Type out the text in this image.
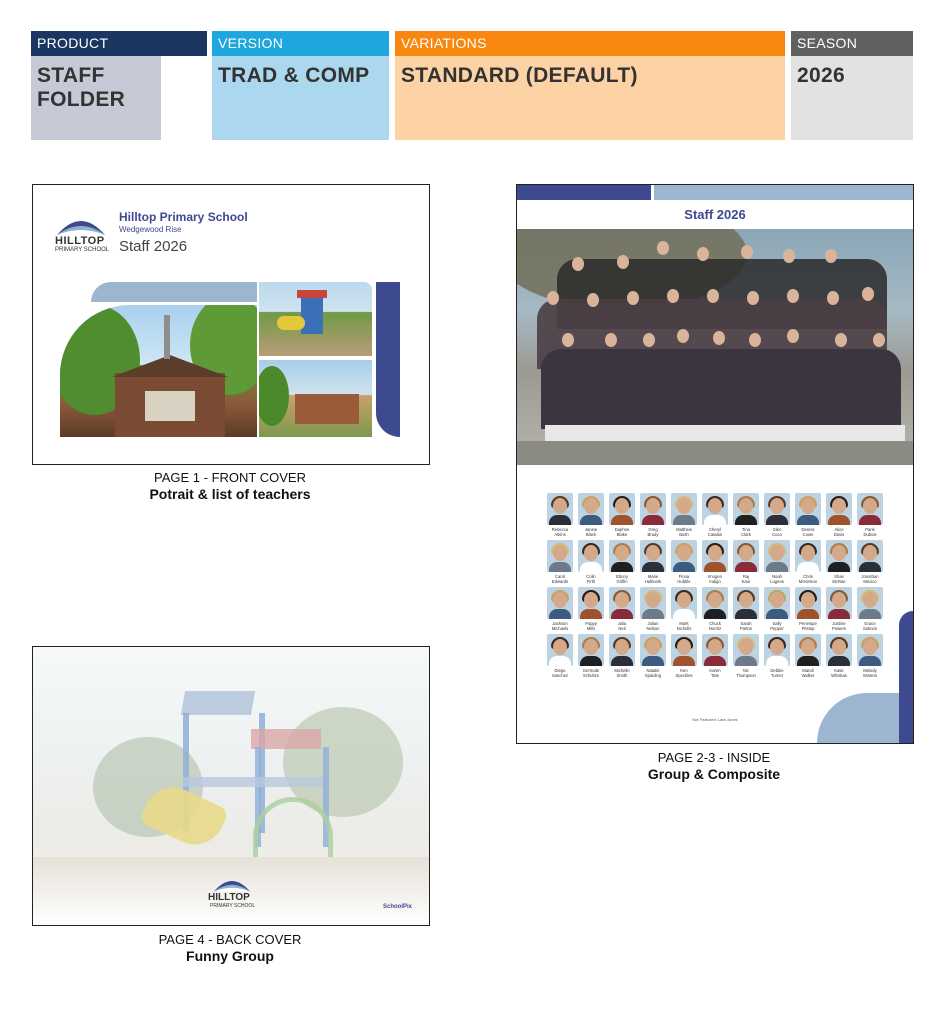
PRODUCT
STAFF FOLDER
VERSION
TRAD & COMP
VARIATIONS
STANDARD (DEFAULT)
SEASON
2026
HILLTOP
PRIMARY SCHOOL
Hilltop Primary School
Wedgewood Rise
Staff 2026
PAGE 1 - FRONT COVER
Potrait & list of teachers
Staff 2026
Rebecca
Atkins
Janine
Black
Daphne
Blake
Greg
Brady
Matthew
Bush
Cheryl
Catalan
Tina
Clark
Glen
Coco
Dennis
Cown
Alice
Davis
Paris
Dubois
Carol
Edwards
Colin
Firth
Ebony
Griffin
Marie
Hallmark
Fiona
Hubble
Imogen
Indigo
Raj
Kaur
Noah
Lugens
Chris
McKelson
Shae
McRae
Jonathan
Mexico
Jackson
Michaels
Poppy
Mills
Julia
Neil
Julian
Nelson
Mark
Nicholls
Chuck
Norritz
Sarah
Parton
Sally
Pepper
Penelope
Pitstop
Justine
Powers
Grace
Salmon
Diego
Sanchez
Gertrude
Schultze
Michelle
Smith
Natalie
Spalding
Ken
Speckles
Karen
Tate
Nic
Thompson
Debbie
Turner
Mandi
Walker
Katie
Whiskas
Melody
Winters
Not Featured: Lara Jones
PAGE 2-3 - INSIDE
Group & Composite
HILLTOP
PRIMARY SCHOOL	SchoolPix
PAGE 4 - BACK COVER
Funny Group
